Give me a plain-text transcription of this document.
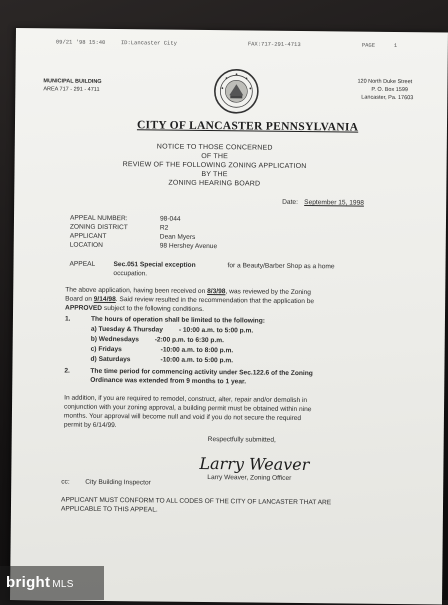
09/21 '98 15:40	ID:Lancaster City	FAX:717-291-4713	PAGE	1
MUNICIPAL BUILDING
AREA 717 - 291 - 4711
120 North Duke Street
P. O. Box 1599
Lancaster, Pa. 17603
CITY OF LANCASTER PENNSYLVANIA
NOTICE TO THOSE CONCERNED
OF THE
REVIEW OF THE FOLLOWING ZONING APPLICATION
BY THE
ZONING HEARING BOARD
Date: September 15, 1998
APPEAL NUMBER:	98-044
ZONING DISTRICT	R2
APPLICANT	Dean Myers
LOCATION	98 Hershey Avenue
APPEAL	Sec.051 Special exception	for a Beauty/Barber Shop as a home
occupation.
The above application, having been received on 8/3/98, was reviewed by the Zoning
Board on 9/14/98. Said review resulted in the recommendation that the application be
APPROVED subject to the following conditions.
1.	The hours of operation shall be limited to the following:
a) Tuesday & Thursday - 10:00 a.m. to 5:00 p.m.
b) Wednesdays -2:00 p.m. to 6:30 p.m.
c) Fridays	-10:00 a.m. to 8:00 p.m.
d) Saturdays	-10:00 a.m. to 5:00 p.m.
2.	The time period for commencing activity under Sec.122.6 of the Zoning
Ordinance was extended from 9 months to 1 year.
In addition, if you are required to remodel, construct, alter, repair and/or demolish in
conjunction with your zoning approval, a building permit must be obtained within nine
months. Your approval will become null and void if you do not secure the required
permit by 6/14/99.
Respectfully submitted,
Larry Weaver
Larry Weaver, Zoning Officer
cc: City Building Inspector
APPLICANT MUST CONFORM TO ALL CODES OF THE CITY OF LANCASTER THAT ARE
APPLICABLE TO THIS APPEAL.
bright MLS
